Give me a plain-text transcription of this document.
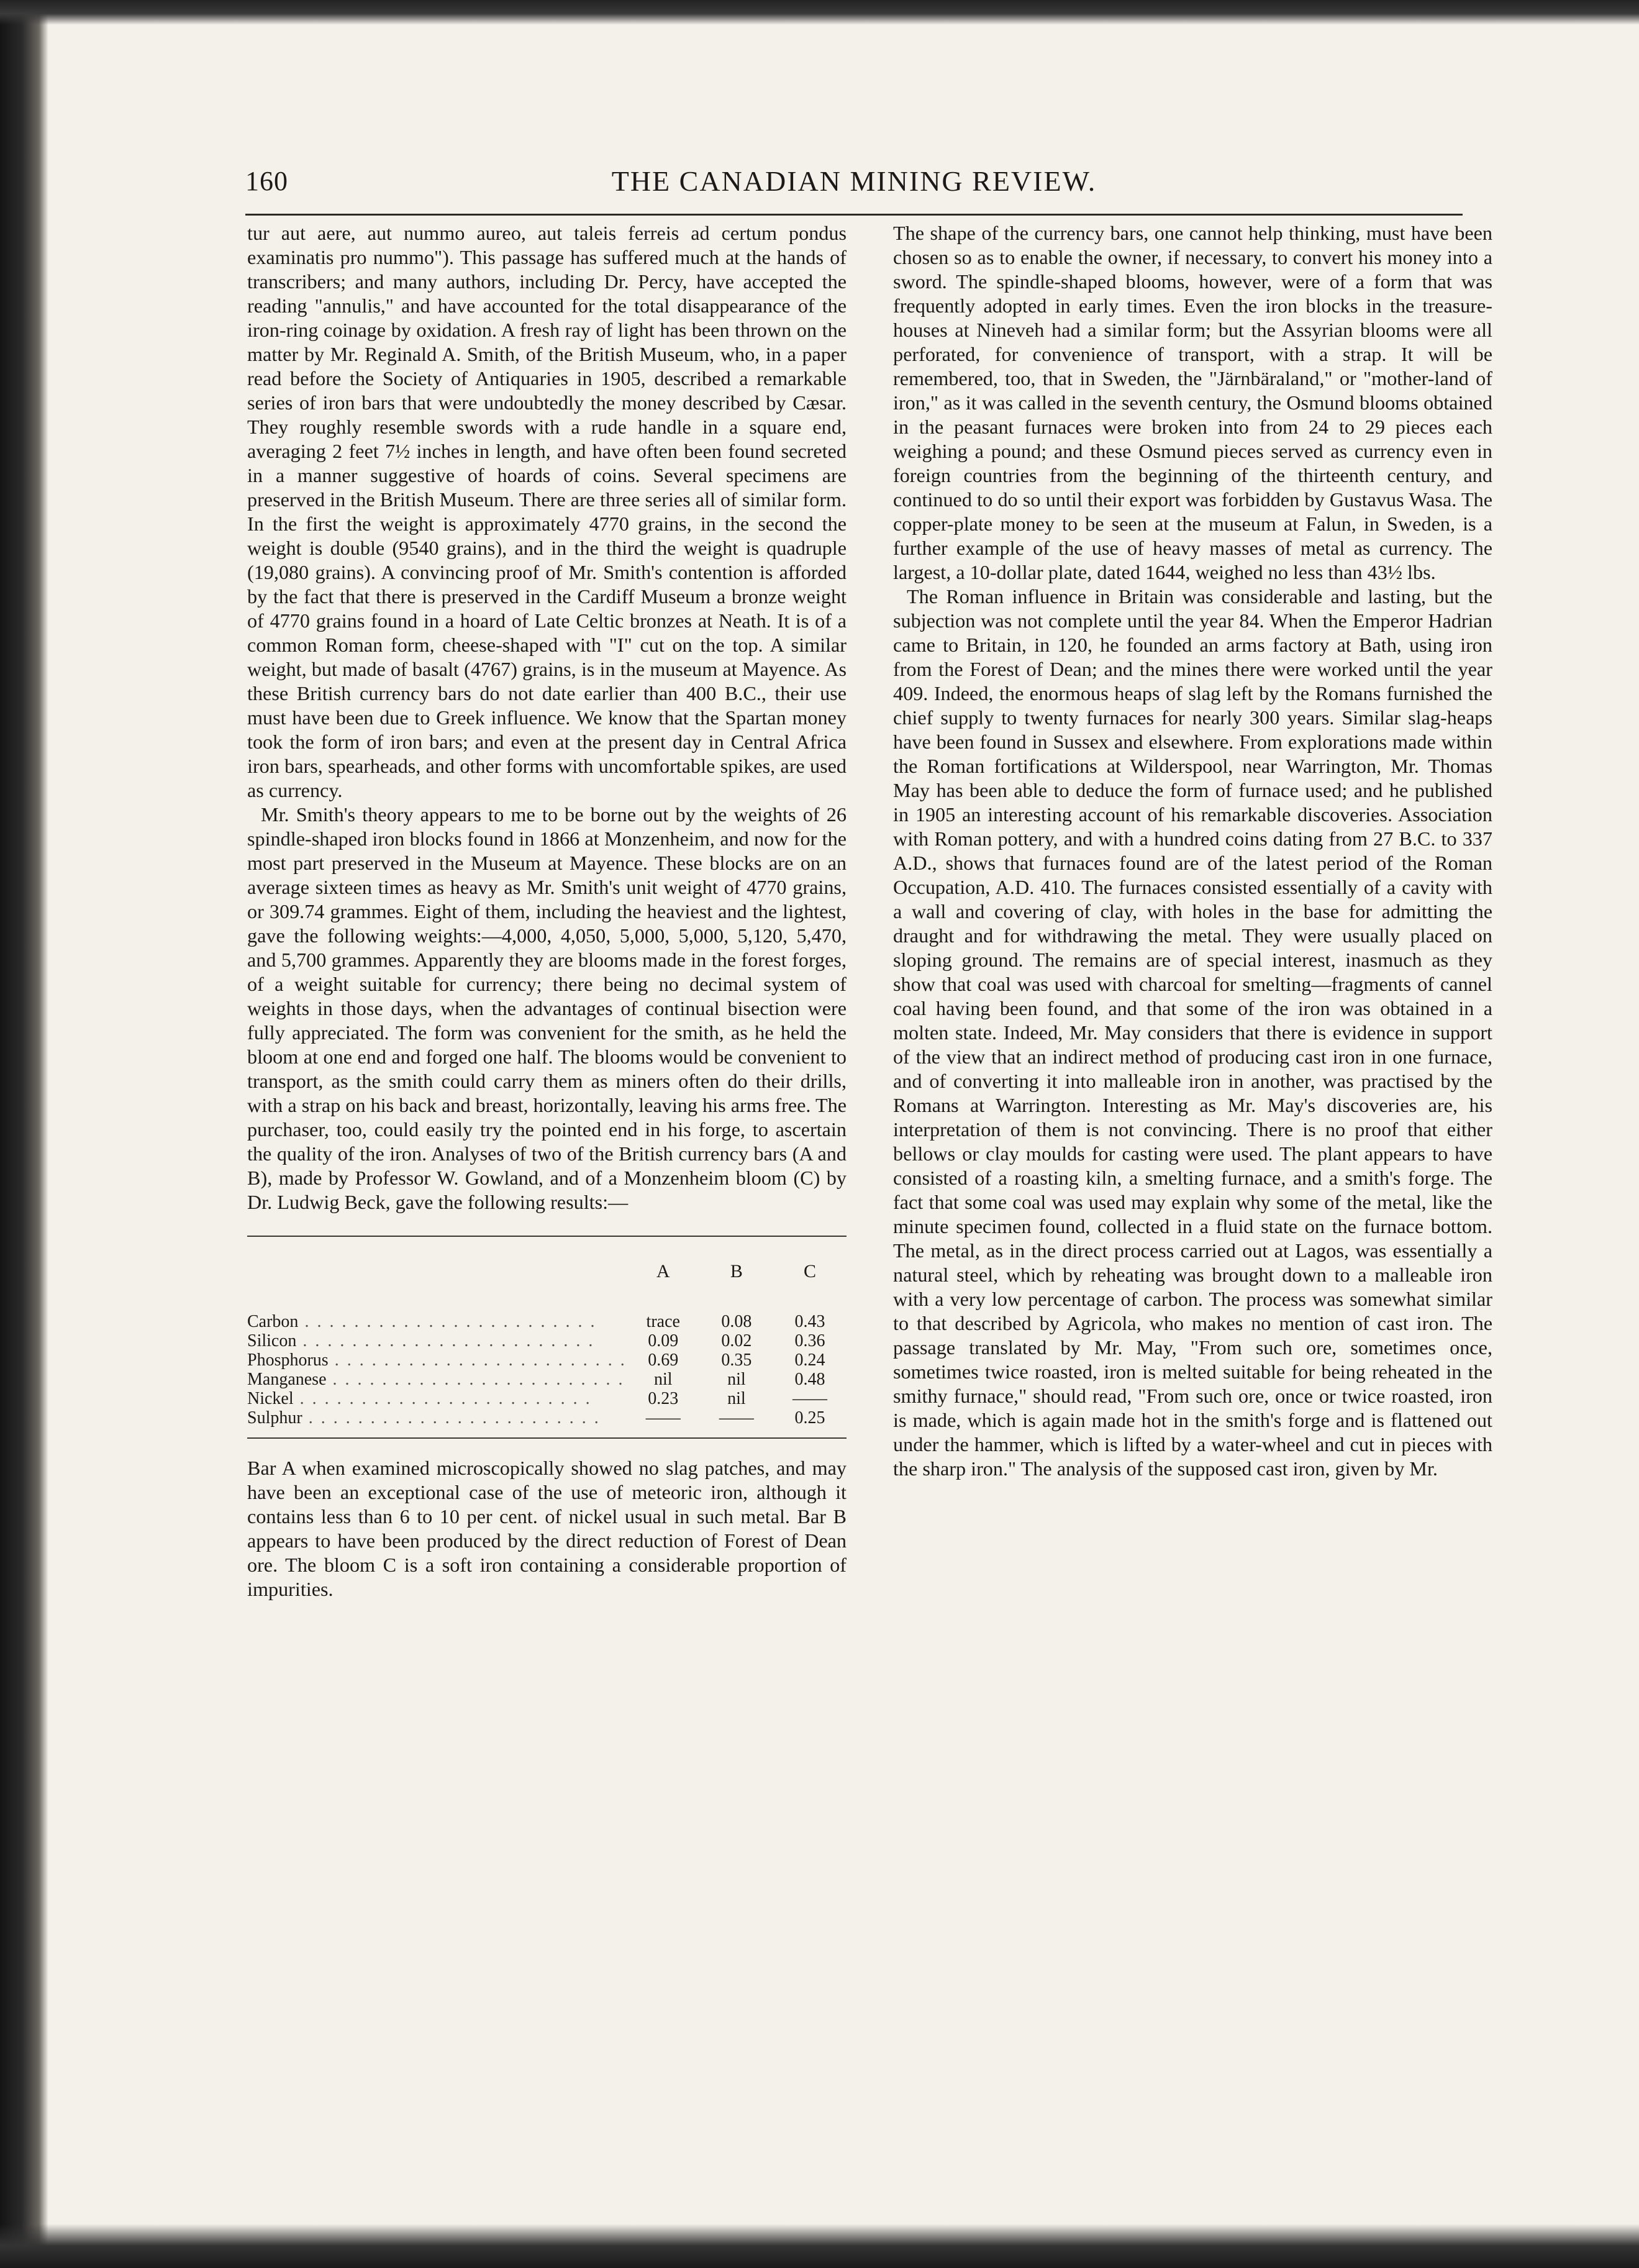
160	THE CANADIAN MINING REVIEW.

tur aut aere, aut nummo aureo, aut taleis ferreis ad certum pondus examinatis pro nummo"). This passage has suffered much at the hands of transcribers; and many authors, including Dr. Percy, have accepted the reading "annulis," and have accounted for the total disappearance of the iron-ring coinage by oxidation. A fresh ray of light has been thrown on the matter by Mr. Reginald A. Smith, of the British Museum, who, in a paper read before the Society of Antiquaries in 1905, described a remarkable series of iron bars that were undoubtedly the money described by Cæsar. They roughly resemble swords with a rude handle in a square end, averaging 2 feet 7½ inches in length, and have often been found secreted in a manner suggestive of hoards of coins. Several specimens are preserved in the British Museum. There are three series all of similar form. In the first the weight is approximately 4770 grains, in the second the weight is double (9540 grains), and in the third the weight is quadruple (19,080 grains). A convincing proof of Mr. Smith's contention is afforded by the fact that there is preserved in the Cardiff Museum a bronze weight of 4770 grains found in a hoard of Late Celtic bronzes at Neath. It is of a common Roman form, cheese-shaped with "I" cut on the top. A similar weight, but made of basalt (4767) grains, is in the museum at Mayence. As these British currency bars do not date earlier than 400 B.C., their use must have been due to Greek influence. We know that the Spartan money took the form of iron bars; and even at the present day in Central Africa iron bars, spearheads, and other forms with uncomfortable spikes, are used as currency.

Mr. Smith's theory appears to me to be borne out by the weights of 26 spindle-shaped iron blocks found in 1866 at Monzenheim, and now for the most part preserved in the Museum at Mayence. These blocks are on an average sixteen times as heavy as Mr. Smith's unit weight of 4770 grains, or 309.74 grammes. Eight of them, including the heaviest and the lightest, gave the following weights:—4,000, 4,050, 5,000, 5,000, 5,120, 5,470, and 5,700 grammes. Apparently they are blooms made in the forest forges, of a weight suitable for currency; there being no decimal system of weights in those days, when the advantages of continual bisection were fully appreciated. The form was convenient for the smith, as he held the bloom at one end and forged one half. The blooms would be convenient to transport, as the smith could carry them as miners often do their drills, with a strap on his back and breast, horizontally, leaving his arms free. The purchaser, too, could easily try the pointed end in his forge, to ascertain the quality of the iron. Analyses of two of the British currency bars (A and B), made by Professor W. Gowland, and of a Monzenheim bloom (C) by Dr. Ludwig Beck, gave the following results:—

	A	B	C
Carbon . . . . . . . . . . . . . . . . . . . . . . . .	trace	0.08	0.43
Silicon . . . . . . . . . . . . . . . . . . . . . . . .	0.09	0.02	0.36
Phosphorus . . . . . . . . . . . . . . . . . . . . . . . .	0.69	0.35	0.24
Manganese . . . . . . . . . . . . . . . . . . . . . . . .	nil	nil	0.48
Nickel . . . . . . . . . . . . . . . . . . . . . . . .	0.23	nil	——
Sulphur . . . . . . . . . . . . . . . . . . . . . . . .	——	——	0.25

Bar A when examined microscopically showed no slag patches, and may have been an exceptional case of the use of meteoric iron, although it contains less than 6 to 10 per cent. of nickel usual in such metal. Bar B appears to have been produced by the direct reduction of Forest of Dean ore. The bloom C is a soft iron containing a considerable proportion of impurities.

The shape of the currency bars, one cannot help thinking, must have been chosen so as to enable the owner, if necessary, to convert his money into a sword. The spindle-shaped blooms, however, were of a form that was frequently adopted in early times. Even the iron blocks in the treasure-houses at Nineveh had a similar form; but the Assyrian blooms were all perforated, for convenience of transport, with a strap. It will be remembered, too, that in Sweden, the "Järnbäraland," or "mother-land of iron," as it was called in the seventh century, the Osmund blooms obtained in the peasant furnaces were broken into from 24 to 29 pieces each weighing a pound; and these Osmund pieces served as currency even in foreign countries from the beginning of the thirteenth century, and continued to do so until their export was forbidden by Gustavus Wasa. The copper-plate money to be seen at the museum at Falun, in Sweden, is a further example of the use of heavy masses of metal as currency. The largest, a 10-dollar plate, dated 1644, weighed no less than 43½ lbs.

The Roman influence in Britain was considerable and lasting, but the subjection was not complete until the year 84. When the Emperor Hadrian came to Britain, in 120, he founded an arms factory at Bath, using iron from the Forest of Dean; and the mines there were worked until the year 409. Indeed, the enormous heaps of slag left by the Romans furnished the chief supply to twenty furnaces for nearly 300 years. Similar slag-heaps have been found in Sussex and elsewhere. From explorations made within the Roman fortifications at Wilderspool, near Warrington, Mr. Thomas May has been able to deduce the form of furnace used; and he published in 1905 an interesting account of his remarkable discoveries. Association with Roman pottery, and with a hundred coins dating from 27 B.C. to 337 A.D., shows that furnaces found are of the latest period of the Roman Occupation, A.D. 410. The furnaces consisted essentially of a cavity with a wall and covering of clay, with holes in the base for admitting the draught and for withdrawing the metal. They were usually placed on sloping ground. The remains are of special interest, inasmuch as they show that coal was used with charcoal for smelting—fragments of cannel coal having been found, and that some of the iron was obtained in a molten state. Indeed, Mr. May considers that there is evidence in support of the view that an indirect method of producing cast iron in one furnace, and of converting it into malleable iron in another, was practised by the Romans at Warrington. Interesting as Mr. May's discoveries are, his interpretation of them is not convincing. There is no proof that either bellows or clay moulds for casting were used. The plant appears to have consisted of a roasting kiln, a smelting furnace, and a smith's forge. The fact that some coal was used may explain why some of the metal, like the minute specimen found, collected in a fluid state on the furnace bottom. The metal, as in the direct process carried out at Lagos, was essentially a natural steel, which by reheating was brought down to a malleable iron with a very low percentage of carbon. The process was somewhat similar to that described by Agricola, who makes no mention of cast iron. The passage translated by Mr. May, "From such ore, sometimes once, sometimes twice roasted, iron is melted suitable for being reheated in the smithy furnace," should read, "From such ore, once or twice roasted, iron is made, which is again made hot in the smith's forge and is flattened out under the hammer, which is lifted by a water-wheel and cut in pieces with the sharp iron." The analysis of the supposed cast iron, given by Mr.
